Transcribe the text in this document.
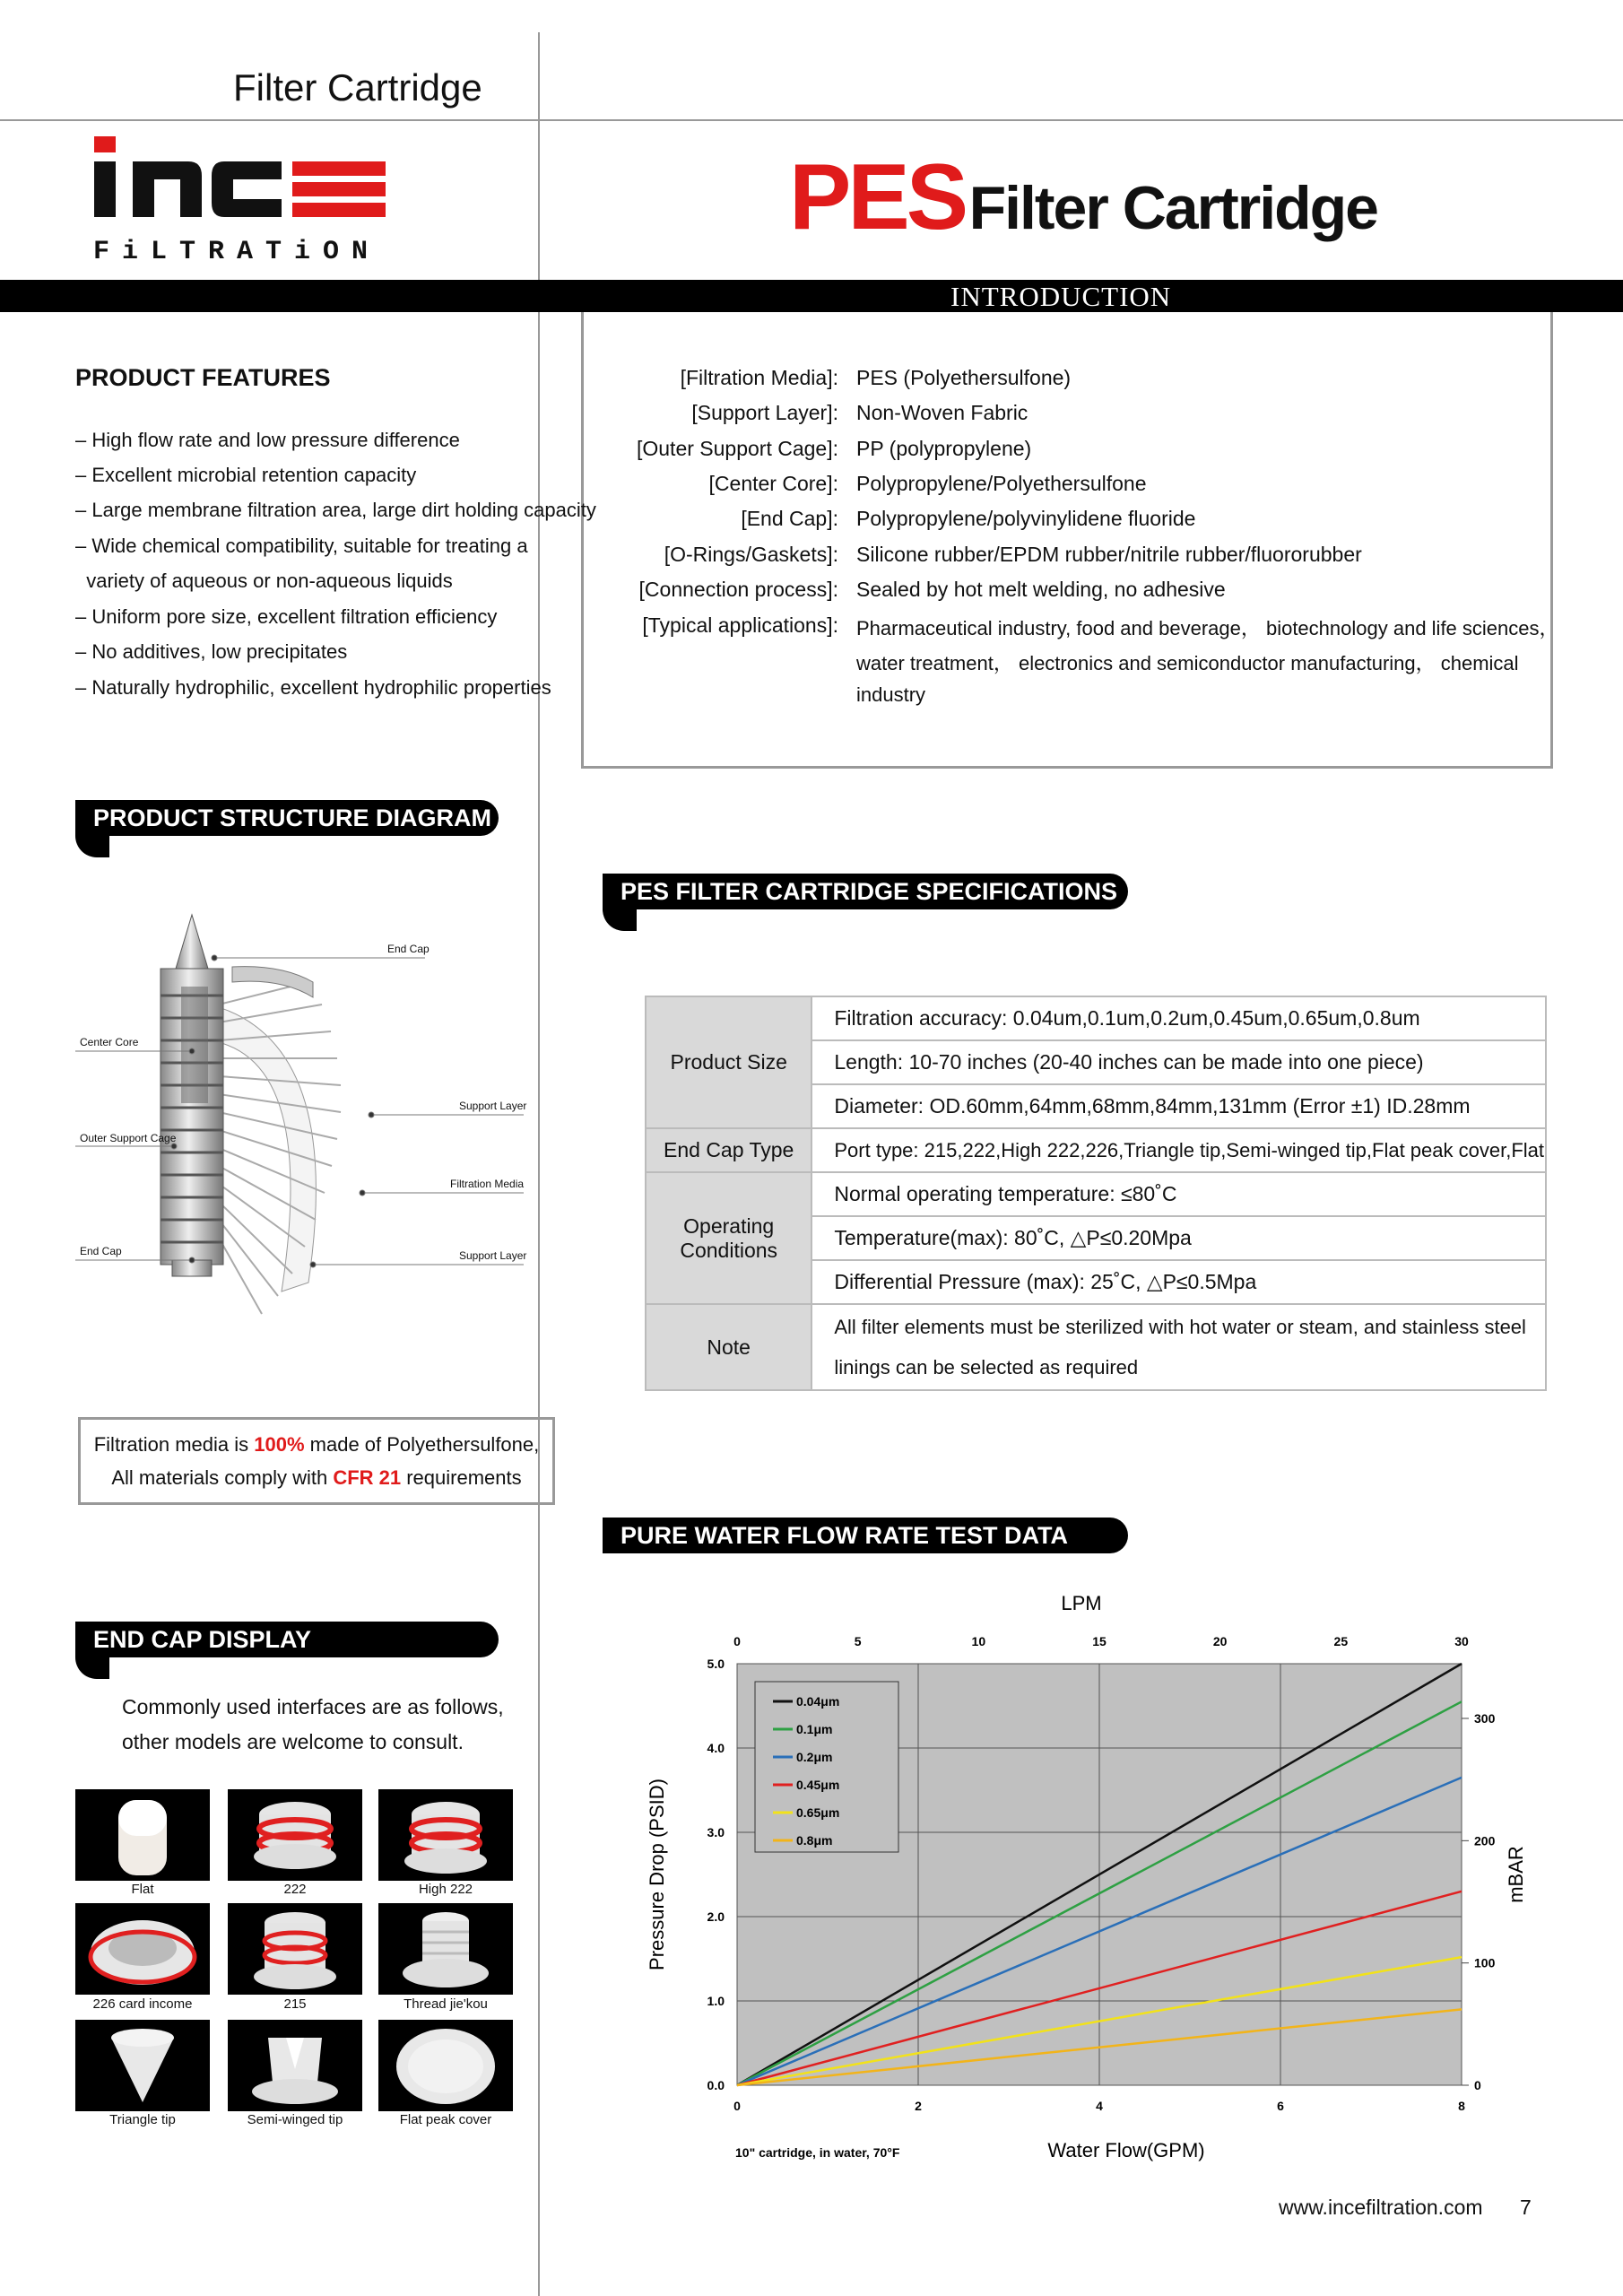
Filter Cartridge
FiLTRATiON
PES Filter Cartridge
INTRODUCTION
PRODUCT FEATURES
– High flow rate and low pressure difference
– Excellent microbial retention capacity
– Large membrane filtration area, large dirt holding capacity
– Wide chemical compatibility, suitable for treating a
variety of aqueous or non-aqueous liquids
– Uniform pore size, excellent filtration efficiency
– No additives, low precipitates
– Naturally hydrophilic, excellent hydrophilic properties
[Filtration Media]: PES (Polyethersulfone)
[Support Layer]: Non-Woven Fabric
[Outer Support Cage]: PP (polypropylene)
[Center Core]: Polypropylene/Polyethersulfone
[End Cap]: Polypropylene/polyvinylidene fluoride
[O-Rings/Gaskets]: Silicone rubber/EPDM rubber/nitrile rubber/fluororubber
[Connection process]: Sealed by hot melt welding, no adhesive
[Typical applications]: Pharmaceutical industry, food and beverage， biotechnology and life sciences，
water treatment， electronics and semiconductor manufacturing， chemical
industry
PRODUCT STRUCTURE DIAGRAM
End Cap
Center Core
Support Layer
Outer Support Cage
Filtration Media
End Cap	Support Layer
Filtration media is 100% made of Polyethersulfone,
All materials comply with CFR 21 requirements
END CAP DISPLAY
Commonly used interfaces are as follows,
other models are welcome to consult.
Flat	222	High 222
226 card income	215	Thread jie'kou
Triangle tip	Semi-winged tip	Flat peak cover
PES FILTER CARTRIDGE SPECIFICATIONS
Product Size	Filtration accuracy: 0.04um,0.1um,0.2um,0.45um,0.65um,0.8um
	Length: 10-70 inches (20-40 inches can be made into one piece)
	Diameter: OD.60mm,64mm,68mm,84mm,131mm (Error ±1) ID.28mm
End Cap Type	Port type: 215,222,High 222,226,Triangle tip,Semi-winged tip,Flat peak cover,Flat
Operating Conditions	Normal operating temperature: ≤80˚C
	Temperature(max): 80˚C, △P≤0.20Mpa
	Differential Pressure (max): 25˚C, △P≤0.5Mpa
Note	All filter elements must be sterilized with hot water or steam, and stainless steel
linings can be selected as required
PURE WATER FLOW RATE TEST DATA
0	2	4	6	8
0.0
1.0
2.0
3.0
4.0
5.0
0	5	10	15	20	25	30
0
100
200
300
0.04μm
0.1μm
0.2μm
0.45μm
0.65μm
0.8μm
LPM
Water Flow(GPM)
Pressure Drop (PSID)	mBAR
10" cartridge, in water, 70°F
www.incefiltration.com 7
